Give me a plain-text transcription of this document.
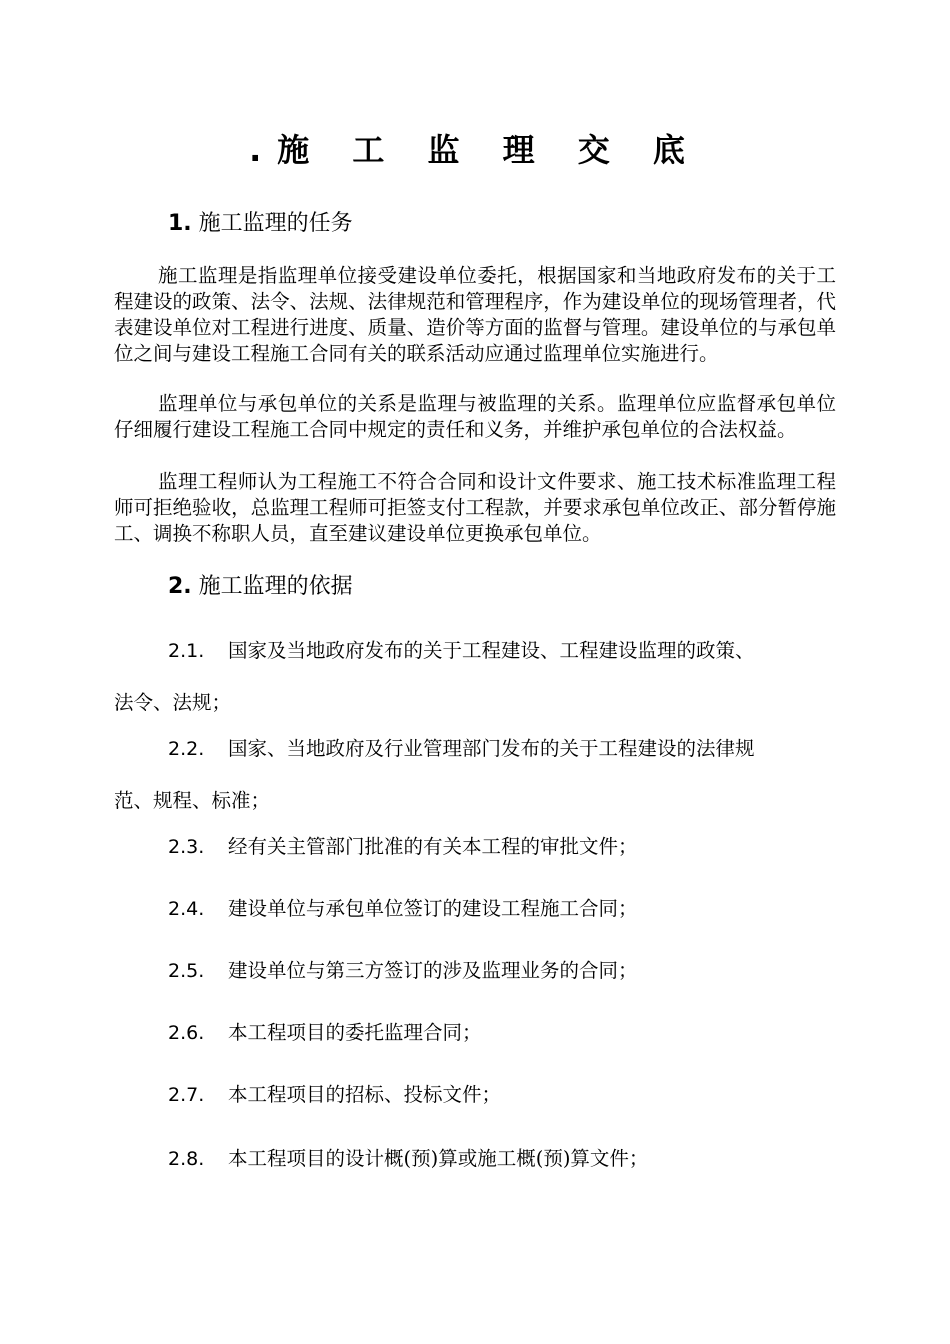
.施 工 监 理 交 底
1. 施工监理的任务

施工监理是指监理单位接受建设单位委托，根据国家和当地政府发布的关于工程建设的政策、法令、法规、法律规范和管理程序，作为建设单位的现场管理者，代表建设单位对工程进行进度、质量、造价等方面的监督与管理。建设单位的与承包单位之间与建设工程施工合同有关的联系活动应通过监理单位实施进行。

监理单位与承包单位的关系是监理与被监理的关系。监理单位应监督承包单位仔细履行建设工程施工合同中规定的责任和义务，并维护承包单位的合法权益。

监理工程师认为工程施工不符合合同和设计文件要求、施工技术标准监理工程师可拒绝验收，总监理工程师可拒签支付工程款，并要求承包单位改正、部分暂停施工、调换不称职人员，直至建议建设单位更换承包单位。

2. 施工监理的依据
2.1. 国家及当地政府发布的关于工程建设、工程建设监理的政策、
法令、法规；
2.2. 国家、当地政府及行业管理部门发布的关于工程建设的法律规
范、规程、标准；
2.3. 经有关主管部门批准的有关本工程的审批文件；
2.4. 建设单位与承包单位签订的建设工程施工合同；
2.5. 建设单位与第三方签订的涉及监理业务的合同；
2.6. 本工程项目的委托监理合同；
2.7. 本工程项目的招标、投标文件；
2.8. 本工程项目的设计概(预)算或施工概(预)算文件；
